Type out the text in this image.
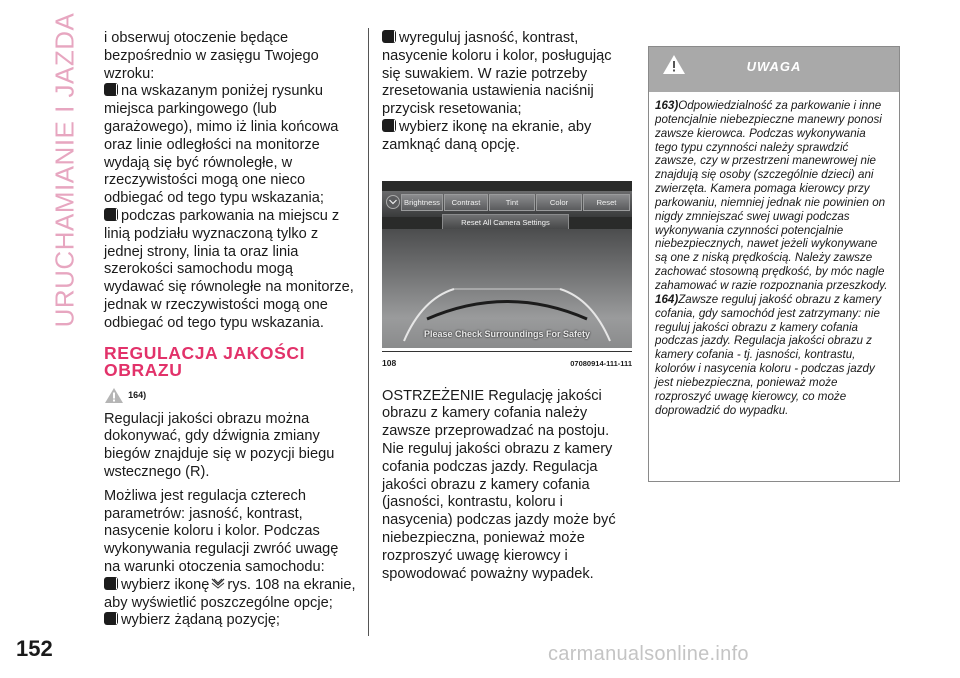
URUCHAMIANIE I JAZDA
152

i obserwuj otoczenie będące bezpośrednio w zasięgu Twojego wzroku:

na wskazanym poniżej rysunku miejsca parkingowego (lub garażowego), mimo iż linia końcowa oraz linie odległości na monitorze wydają się być równoległe, w rzeczywistości mogą one nieco odbiegać od tego typu wskazania;

podczas parkowania na miejscu z linią podziału wyznaczoną tylko z jednej strony, linia ta oraz linia szerokości samochodu mogą wydawać się równoległe na monitorze, jednak w rzeczywistości mogą one odbiegać od tego typu wskazania.

REGULACJA JAKOŚCI OBRAZU
164)

Regulacji jakości obrazu można dokonywać, gdy dźwignia zmiany biegów znajduje się w pozycji biegu wstecznego (R).

Możliwa jest regulacja czterech parametrów: jasność, kontrast, nasycenie koloru i kolor. Podczas wykonywania regulacji zwróć uwagę na warunki otoczenia samochodu:

wybierz ikonę rys. 108 na ekranie, aby wyświetlić poszczególne opcje;

wybierz żądaną pozycję;

wyreguluj jasność, kontrast, nasycenie koloru i kolor, posługując się suwakiem. W razie potrzeby zresetowania ustawienia naciśnij przycisk resetowania;

wybierz ikonę na ekranie, aby zamknąć daną opcję.

Brightness	Contrast	Tint	Color	Reset
Reset All Camera Settings
Please Check Surroundings For Safety
108	07080914-111-111

OSTRZEŻENIE Regulację jakości obrazu z kamery cofania należy zawsze przeprowadzać na postoju. Nie reguluj jakości obrazu z kamery cofania podczas jazdy. Regulacja jakości obrazu z kamery cofania (jasności, kontrastu, koloru i nasycenia) podczas jazdy może być niebezpieczna, ponieważ może rozproszyć uwagę kierowcy i spowodować poważny wypadek.

UWAGA

163)Odpowiedzialność za parkowanie i inne potencjalnie niebezpieczne manewry ponosi zawsze kierowca. Podczas wykonywania tego typu czynności należy sprawdzić zawsze, czy w przestrzeni manewrowej nie znajdują się osoby (szczególnie dzieci) ani zwierzęta. Kamera pomaga kierowcy przy parkowaniu, niemniej jednak nie powinien on nigdy zmniejszać swej uwagi podczas wykonywania czynności potencjalnie niebezpiecznych, nawet jeżeli wykonywane są one z niską prędkością. Należy zawsze zachować stosowną prędkość, by móc nagle zahamować w razie rozpoznania przeszkody.

164)Zawsze reguluj jakość obrazu z kamery cofania, gdy samochód jest zatrzymany: nie reguluj jakości obrazu z kamery cofania podczas jazdy. Regulacja jakości obrazu z kamery cofania - tj. jasności, kontrastu, kolorów i nasycenia koloru - podczas jazdy jest niebezpieczna, ponieważ może rozproszyć uwagę kierowcy, co może doprowadzić do wypadku.

carmanualsonline.info
